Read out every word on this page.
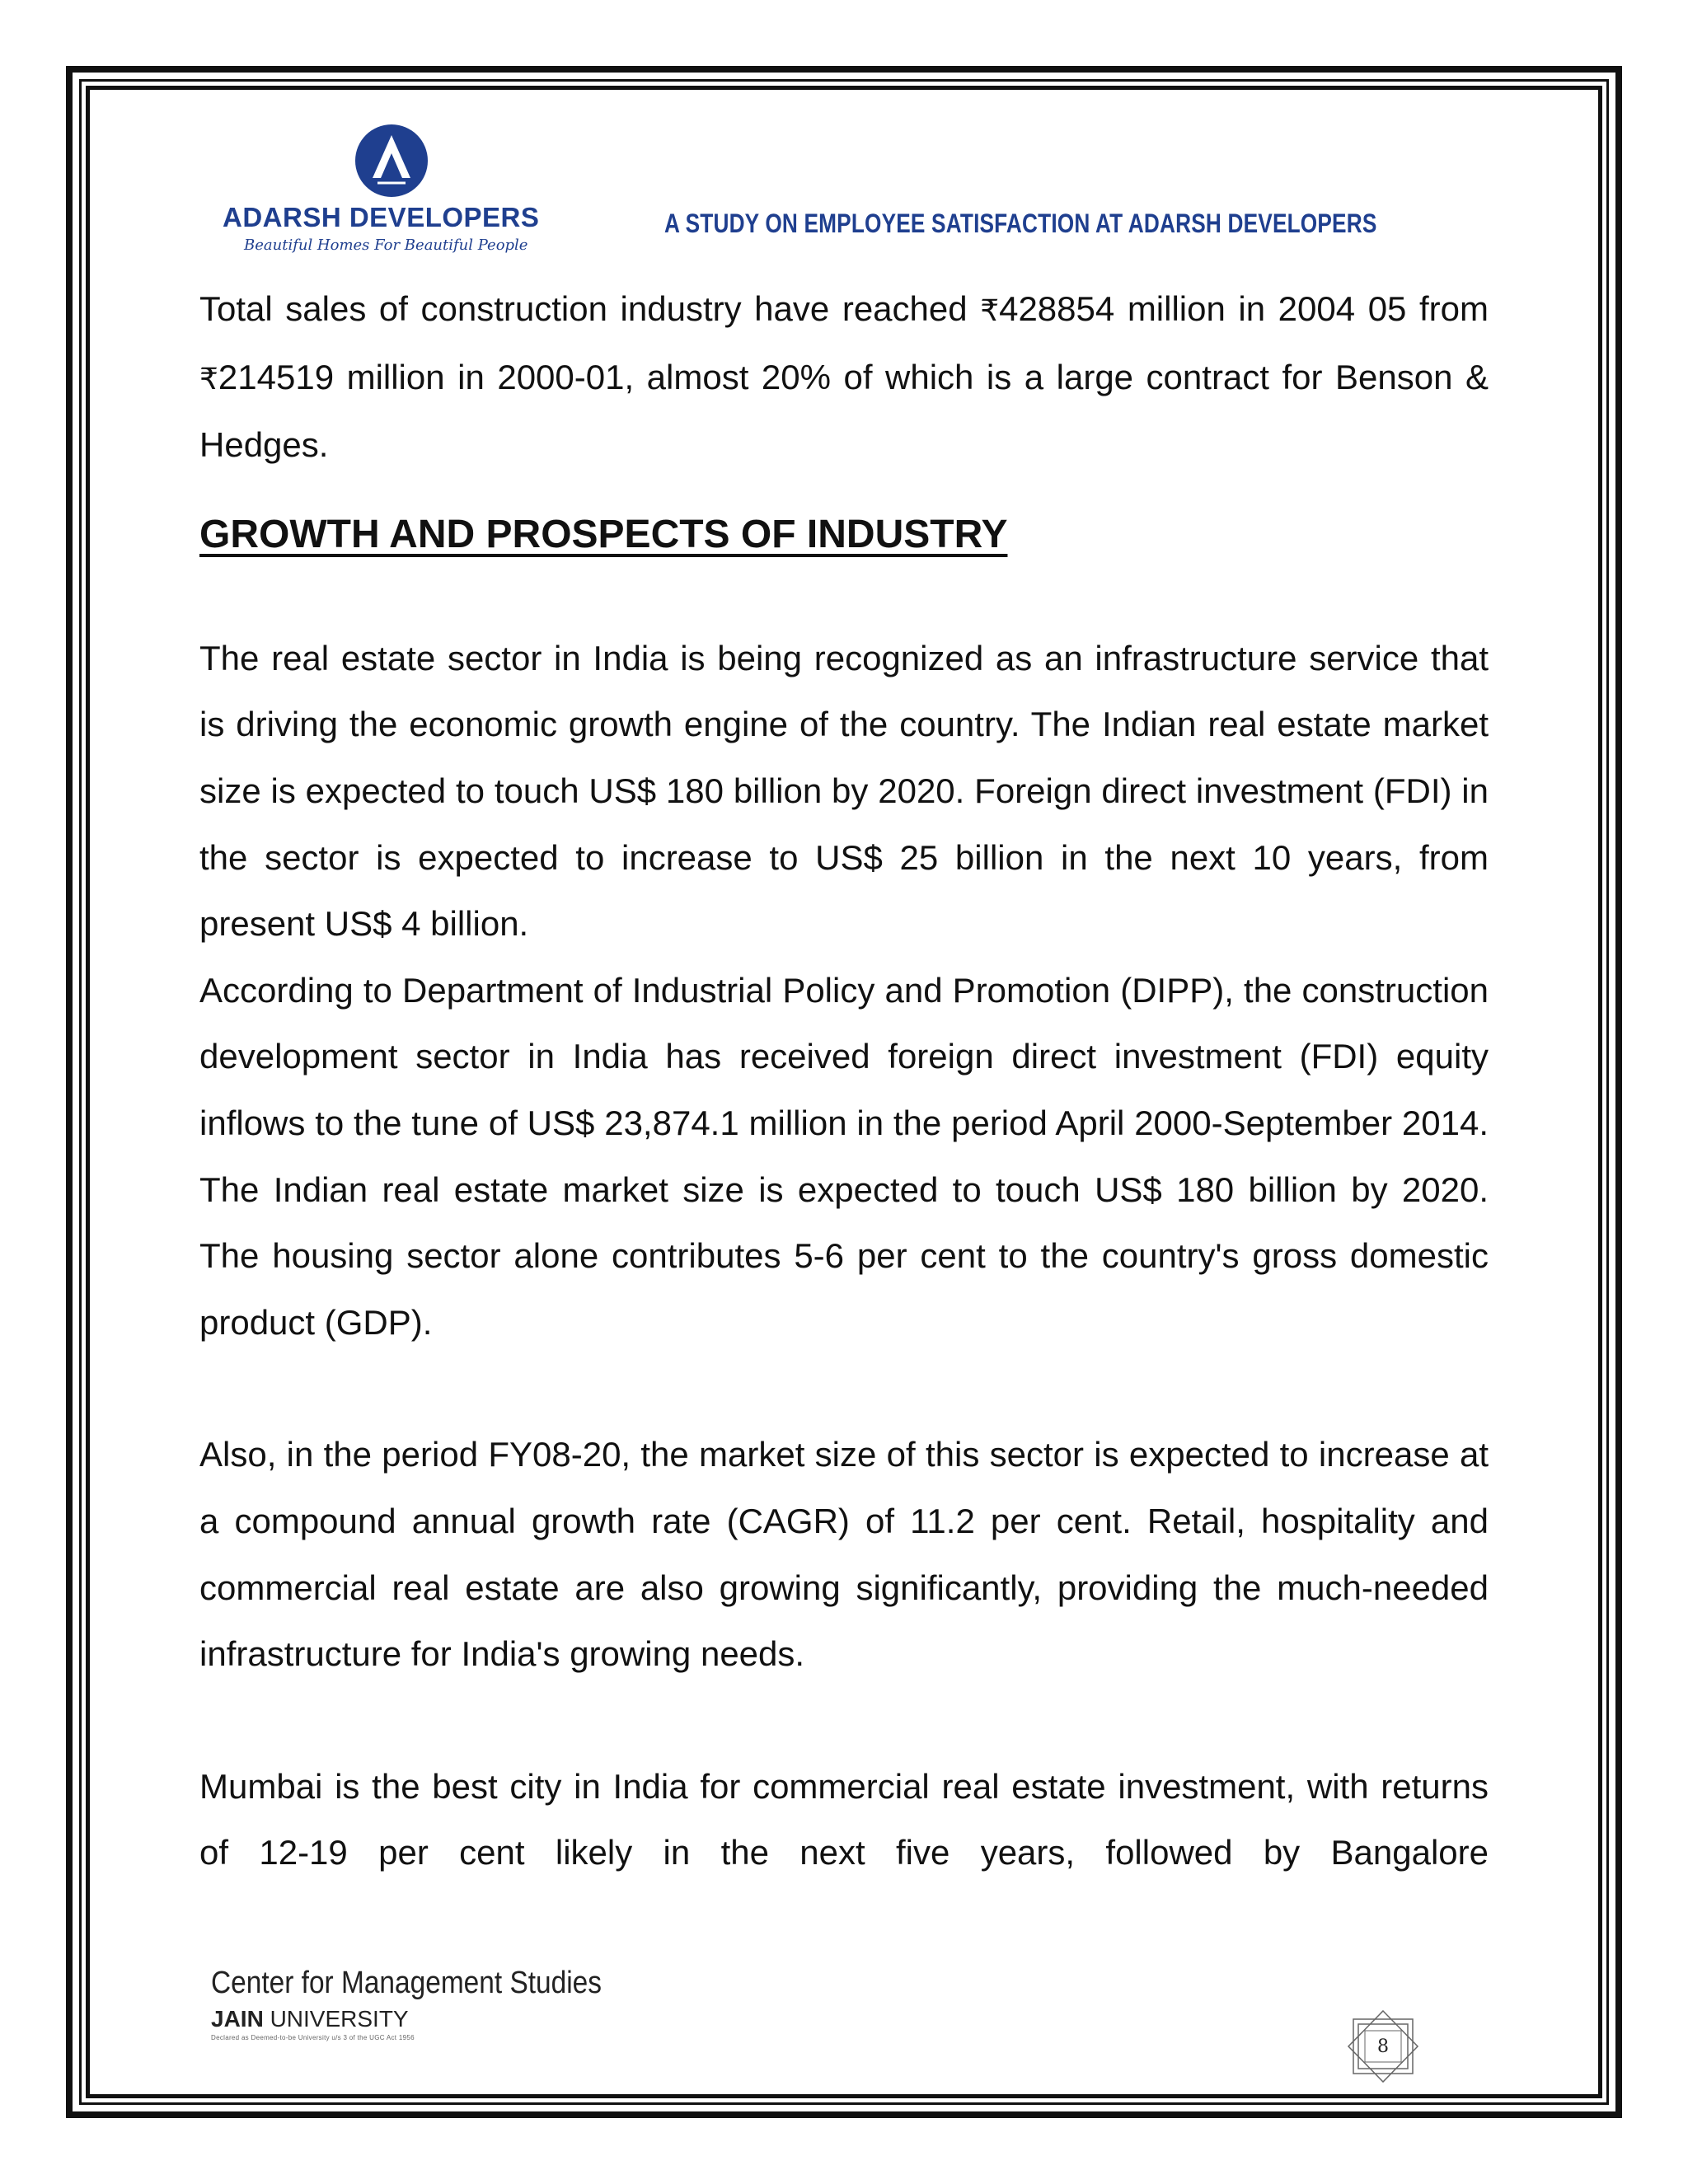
ADARSH DEVELOPERS
Beautiful Homes For Beautiful People
A STUDY ON EMPLOYEE SATISFACTION AT ADARSH DEVELOPERS

Total sales of construction industry have reached ₹428854 million in 2004 05 from ₹214519 million in 2000-01, almost 20% of which is a large contract for Benson & Hedges.

GROWTH AND PROSPECTS OF INDUSTRY

The real estate sector in India is being recognized as an infrastructure service that is driving the economic growth engine of the country. The Indian real estate market size is expected to touch US$ 180 billion by 2020. Foreign direct investment (FDI) in the sector is expected to increase to US$ 25 billion in the next 10 years, from present US$ 4 billion.

According to Department of Industrial Policy and Promotion (DIPP), the construction development sector in India has received foreign direct investment (FDI) equity inflows to the tune of US$ 23,874.1 million in the period April 2000-September 2014. The Indian real estate market size is expected to touch US$ 180 billion by 2020. The housing sector alone contributes 5-6 per cent to the country's gross domestic product (GDP).

Also, in the period FY08-20, the market size of this sector is expected to increase at a compound annual growth rate (CAGR) of 11.2 per cent. Retail, hospitality and commercial real estate are also growing significantly, providing the much-needed infrastructure for India's growing needs.

Mumbai is the best city in India for commercial real estate investment, with returns of 12-19 per cent likely in the next five years, followed by Bangalore

Center for Management Studies
JAIN UNIVERSITY
Declared as Deemed-to-be University u/s 3 of the UGC Act 1956	8
